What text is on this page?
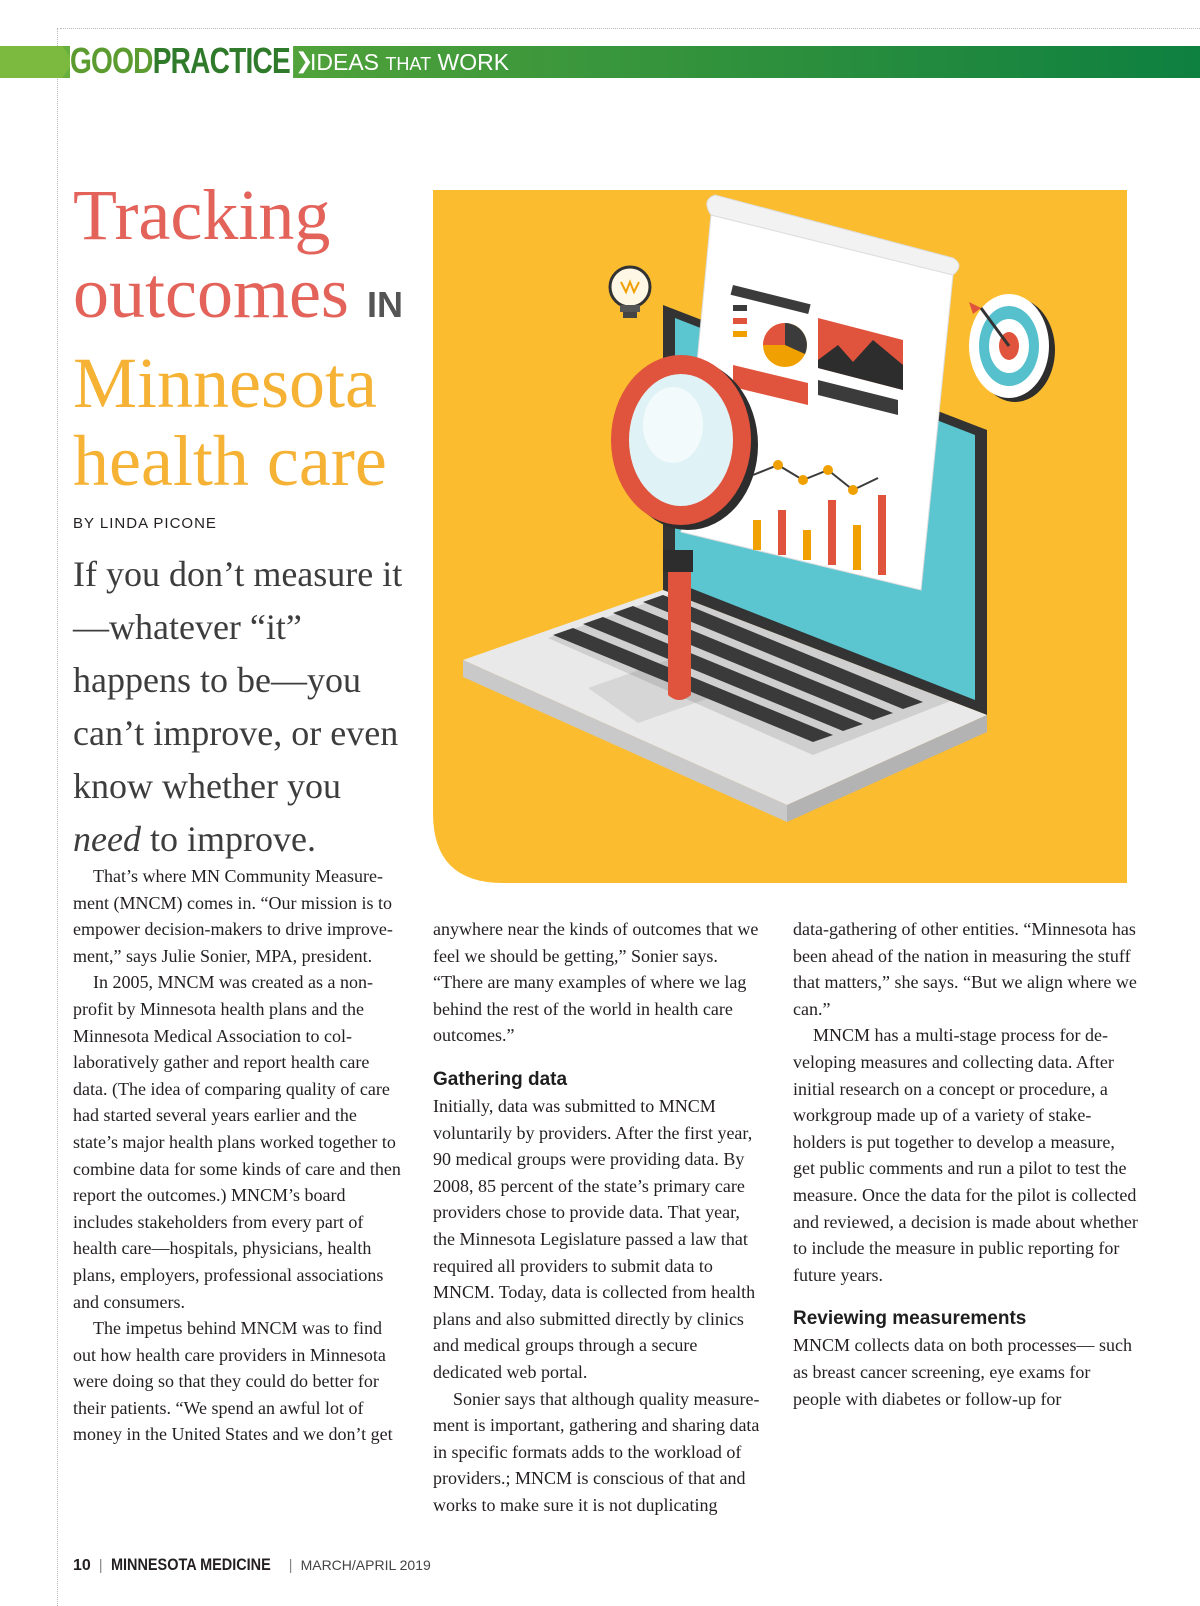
GOODPRACTICE ❯
IDEAS THAT WORK
Tracking
outcomes IN
Minnesota
health care
BY LINDA PICONE

If you don’t measure it—whatever “it” happens to be—you can’t improve, or even know whether you need to improve.

That’s where MN Community Measurement (MNCM) comes in. “Our mission is to empower decision-makers to drive improvement,” says Julie Sonier, MPA, president.

In 2005, MNCM was created as a nonprofit by Minnesota health plans and the Minnesota Medical Association to collaboratively gather and report health care data. (The idea of comparing quality of care had started several years earlier and the state’s major health plans worked together to combine data for some kinds of care and then report the outcomes.) MNCM’s board includes stakeholders from every part of health care—hospitals, physicians, health plans, employers, professional associations and consumers.

The impetus behind MNCM was to find out how health care providers in Minnesota were doing so that they could do better for their patients. “We spend an awful lot of money in the United States and we don’t get

anywhere near the kinds of outcomes that we feel we should be getting,” Sonier says. “There are many examples of where we lag behind the rest of the world in health care outcomes.”

Gathering data

Initially, data was submitted to MNCM voluntarily by providers. After the first year, 90 medical groups were providing data. By 2008, 85 percent of the state’s primary care providers chose to provide data. That year, the Minnesota Legislature passed a law that required all providers to submit data to MNCM. Today, data is collected from health plans and also submitted directly by clinics and medical groups through a secure dedicated web portal.

Sonier says that although quality measurement is important, gathering and sharing data in specific formats adds to the workload of providers.; MNCM is conscious of that and works to make sure it is not duplicating

data-gathering of other entities. “Minnesota has been ahead of the nation in measuring the stuff that matters,” she says. “But we align where we can.”

MNCM has a multi-stage process for developing measures and collecting data. After initial research on a concept or procedure, a workgroup made up of a variety of stakeholders is put together to develop a measure, get public comments and run a pilot to test the measure. Once the data for the pilot is collected and reviewed, a decision is made about whether to include the measure in public reporting for future years.

Reviewing measurements

MNCM collects data on both processes— such as breast cancer screening, eye exams for people with diabetes or follow-up for

10 | MINNESOTA MEDICINE | MARCH/APRIL 2019
